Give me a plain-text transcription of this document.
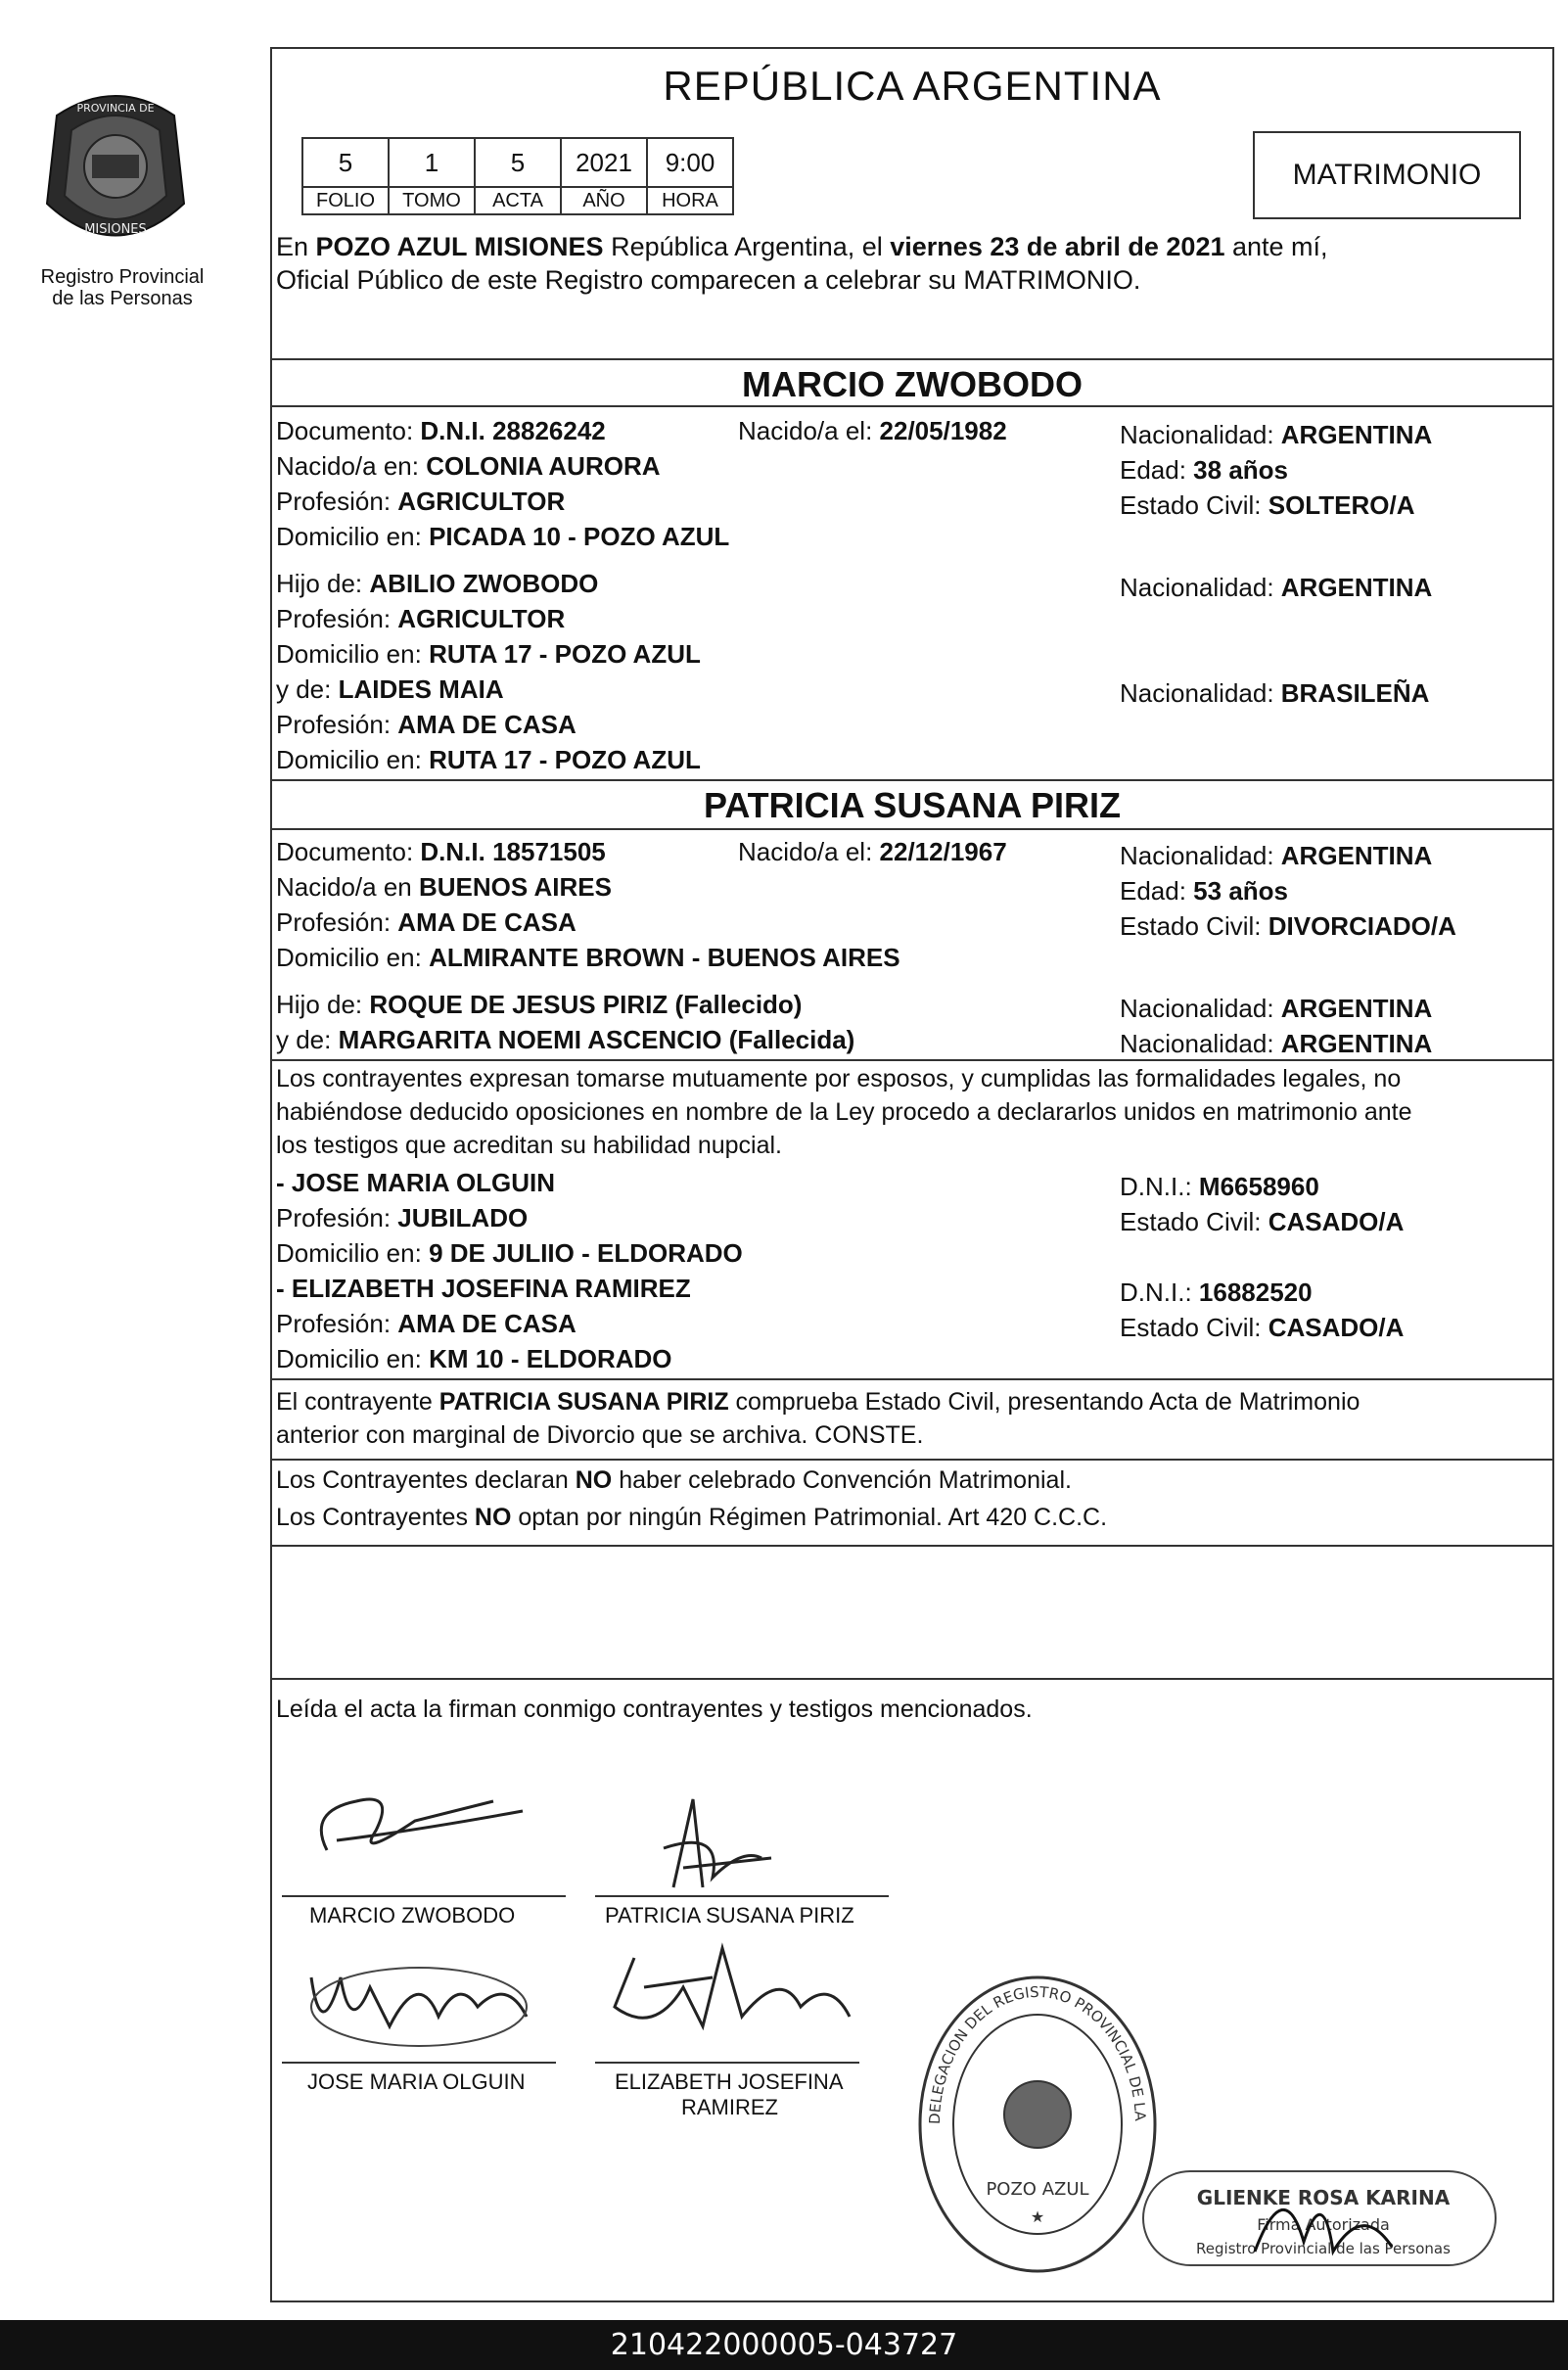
PROVINCIA DE
MISIONES
Registro Provincial
de las Personas
REPÚBLICA ARGENTINA
5	1	5	2021	9:00
FOLIO	TOMO	ACTA	AÑO	HORA
MATRIMONIO
En POZO AZUL MISIONES República Argentina, el viernes 23 de abril de 2021 ante mí,
Oficial Público de este Registro comparecen a celebrar su MATRIMONIO.
MARCIO ZWOBODO
Documento: D.N.I. 28826242	Nacido/a el: 22/05/1982	Nacionalidad: ARGENTINA
Nacido/a en: COLONIA AURORA	Edad: 38 años
Profesión: AGRICULTOR	Estado Civil: SOLTERO/A
Domicilio en: PICADA 10 - POZO AZUL
Hijo de: ABILIO ZWOBODO	Nacionalidad: ARGENTINA
Profesión: AGRICULTOR
Domicilio en: RUTA 17 - POZO AZUL
y de: LAIDES MAIA	Nacionalidad: BRASILEÑA
Profesión: AMA DE CASA
Domicilio en: RUTA 17 - POZO AZUL
PATRICIA SUSANA PIRIZ
Documento: D.N.I. 18571505	Nacido/a el: 22/12/1967	Nacionalidad: ARGENTINA
Nacido/a en BUENOS AIRES	Edad: 53 años
Profesión: AMA DE CASA	Estado Civil: DIVORCIADO/A
Domicilio en: ALMIRANTE BROWN - BUENOS AIRES
Hijo de: ROQUE DE JESUS PIRIZ (Fallecido)	Nacionalidad: ARGENTINA
y de: MARGARITA NOEMI ASCENCIO (Fallecida)	Nacionalidad: ARGENTINA
Los contrayentes expresan tomarse mutuamente por esposos, y cumplidas las formalidades legales, no
habiéndose deducido oposiciones en nombre de la Ley procedo a declararlos unidos en matrimonio ante
los testigos que acreditan su habilidad nupcial.
- JOSE MARIA OLGUIN	D.N.I.: M6658960
Profesión: JUBILADO	Estado Civil: CASADO/A
Domicilio en: 9 DE JULIIO - ELDORADO
- ELIZABETH JOSEFINA RAMIREZ	D.N.I.: 16882520
Profesión: AMA DE CASA	Estado Civil: CASADO/A
Domicilio en: KM 10 - ELDORADO
El contrayente PATRICIA SUSANA PIRIZ comprueba Estado Civil, presentando Acta de Matrimonio
anterior con marginal de Divorcio que se archiva. CONSTE.
Los Contrayentes declaran NO haber celebrado Convención Matrimonial.
Los Contrayentes NO optan por ningún Régimen Patrimonial. Art 420 C.C.C.
Leída el acta la firman conmigo contrayentes y testigos mencionados.
MARCIO ZWOBODO	PATRICIA SUSANA PIRIZ
JOSE MARIA OLGUIN	ELIZABETH JOSEFINA
RAMIREZ	DELEGACION DEL REGISTRO PROVINCIAL DE LAS PERSONAS
POZO AZUL
★
GLIENKE ROSA KARINA
Firma Autorizada
Registro Provincial de las Personas
210422000005-043727
